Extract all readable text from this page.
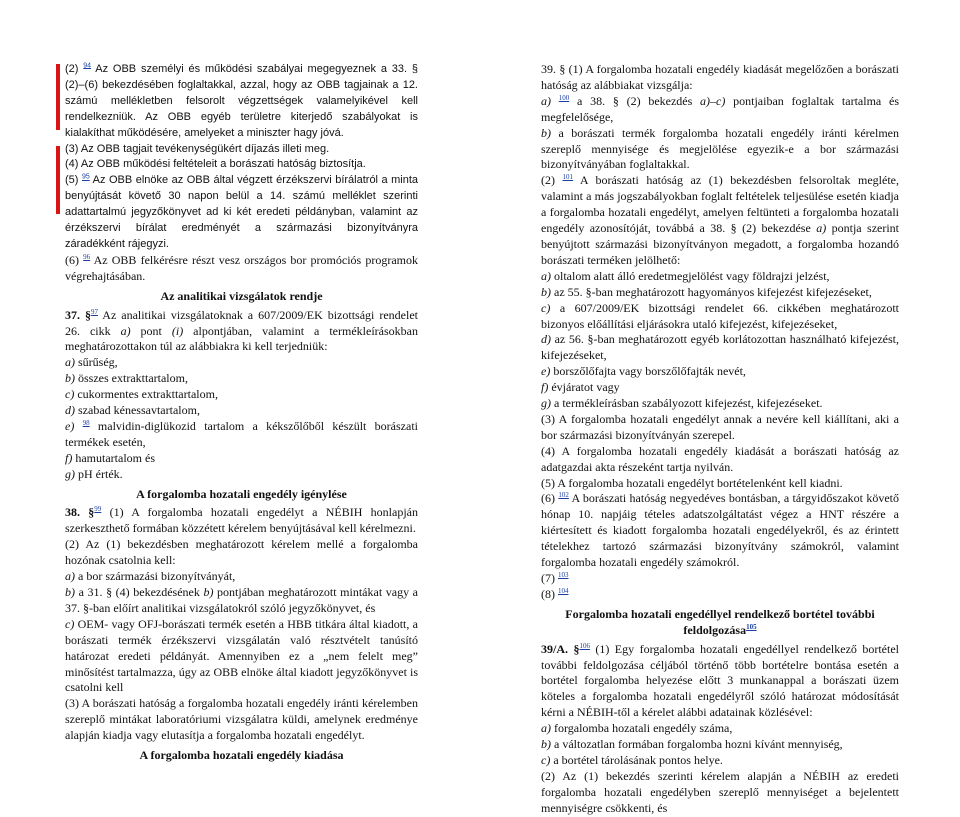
(2) $^{94}$ Az OBB személyi és működési szabályai megegyeznek a 33. § (2)–(6) bekezdésében foglaltakkal, azzal, hogy az OBB tagjainak a 12. számú mellékletben felsorolt végzettségek valamelyikével kell rendelkezniük. Az OBB egyéb területre kiterjedő szabályokat is kialakíthat működésére, amelyeket a miniszter hagy jóvá.

(3) Az OBB tagjait tevékenységükért díjazás illeti meg.

(4) Az OBB működési feltételeit a borászati hatóság biztosítja.

(5) $^{95}$ Az OBB elnöke az OBB által végzett érzékszervi bírálatról a minta benyújtását követő 30 napon belül a 14. számú melléklet szerinti adattartalmú jegyzőkönyvet ad ki két eredeti példányban, valamint az érzékszervi bírálat eredményét a származási bizonyítványra záradékként rájegyzi.

(6) $^{96}$ Az OBB felkérésre részt vesz országos bor promóciós programok végrehajtásában.

Az analitikai vizsgálatok rendje

37. §$^{97}$ Az analitikai vizsgálatoknak a 607/2009/EK bizottsági rendelet 26. cikk a) pont (i) alpontjában, valamint a termékleírásokban meghatározottakon túl az alábbiakra ki kell terjedniük:

a) sűrűség,

b) összes extrakttartalom,

c) cukormentes extrakttartalom,

d) szabad kénessavtartalom,

e) $^{98}$ malvidin-diglükozid tartalom a kékszőlőből készült borászati termékek esetén,

f) hamutartalom és

g) pH érték.

A forgalomba hozatali engedély igénylése

38. §$^{99}$ (1) A forgalomba hozatali engedélyt a NÉBIH honlapján szerkeszthető formában közzétett kérelem benyújtásával kell kérelmezni.

(2) Az (1) bekezdésben meghatározott kérelem mellé a forgalomba hozónak csatolnia kell:

a) a bor származási bizonyítványát,

b) a 31. § (4) bekezdésének b) pontjában meghatározott mintákat vagy a 37. §-ban előírt analitikai vizsgálatokról szóló jegyzőkönyvet, és

c) OEM- vagy OFJ-borászati termék esetén a HBB titkára által kiadott, a borászati termék érzékszervi vizsgálatán való résztvételt tanúsító határozat eredeti példányát. Amennyiben ez a „nem felelt meg” minősítést tartalmazza, úgy az OBB elnöke által kiadott jegyzőkönyvet is csatolni kell

(3) A borászati hatóság a forgalomba hozatali engedély iránti kérelemben szereplő mintákat laboratóriumi vizsgálatra küldi, amelynek eredménye alapján kiadja vagy elutasítja a forgalomba hozatali engedélyt.

A forgalomba hozatali engedély kiadása

39. § (1) A forgalomba hozatali engedély kiadását megelőzően a borászati hatóság az alábbiakat vizsgálja:

a) $^{100}$ a 38. § (2) bekezdés a)–c) pontjaiban foglaltak tartalma és megfelelősége,

b) a borászati termék forgalomba hozatali engedély iránti kérelmen szereplő mennyisége és megjelölése egyezik-e a bor származási bizonyítványában foglaltakkal.

(2) $^{101}$ A borászati hatóság az (1) bekezdésben felsoroltak megléte, valamint a más jogszabályokban foglalt feltételek teljesülése esetén kiadja a forgalomba hozatali engedélyt, amelyen feltünteti a forgalomba hozatali engedély azonosítóját, továbbá a 38. § (2) bekezdése a) pontja szerint benyújtott származási bizonyítványon megadott, a forgalomba hozandó borászati terméken jelölhető:

a) oltalom alatt álló eredetmegjelölést vagy földrajzi jelzést,

b) az 55. §-ban meghatározott hagyományos kifejezést kifejezéseket,

c) a 607/2009/EK bizottsági rendelet 66. cikkében meghatározott bizonyos előállítási eljárásokra utaló kifejezést, kifejezéseket,

d) az 56. §-ban meghatározott egyéb korlátozottan használható kifejezést, kifejezéseket,

e) borszőlőfajta vagy borszőlőfajták nevét,

f) évjáratot vagy

g) a termékleírásban szabályozott kifejezést, kifejezéseket.

(3) A forgalomba hozatali engedélyt annak a nevére kell kiállítani, aki a bor származási bizonyítványán szerepel.

(4) A forgalomba hozatali engedély kiadását a borászati hatóság az adatgazdai akta részeként tartja nyilván.

(5) A forgalomba hozatali engedélyt bortételenként kell kiadni.

(6) $^{102}$ A borászati hatóság negyedéves bontásban, a tárgyidőszakot követő hónap 10. napjáig tételes adatszolgáltatást végez a HNT részére a kiértesített és kiadott forgalomba hozatali engedélyekről, és az érintett tételekhez tartozó származási bizonyítvány számokról, valamint forgalomba hozatali engedély számokról.

(7) $^{103}$

(8) $^{104}$

Forgalomba hozatali engedéllyel rendelkező bortétel további feldolgozása$^{105}$

39/A. §$^{106}$ (1) Egy forgalomba hozatali engedéllyel rendelkező bortétel további feldolgozása céljából történő több bortételre bontása esetén a bortétel forgalomba helyezése előtt 3 munkanappal a borászati üzem köteles a forgalomba hozatali engedélyről szóló határozat módosítását kérni a NÉBIH-től a kérelet alábbi adatainak közlésével:

a) forgalomba hozatali engedély száma,

b) a változatlan formában forgalomba hozni kívánt mennyiség,

c) a bortétel tárolásának pontos helye.

(2) Az (1) bekezdés szerinti kérelem alapján a NÉBIH az eredeti forgalomba hozatali engedélyben szereplő mennyiséget a bejelentett mennyiségre csökkenti, és
